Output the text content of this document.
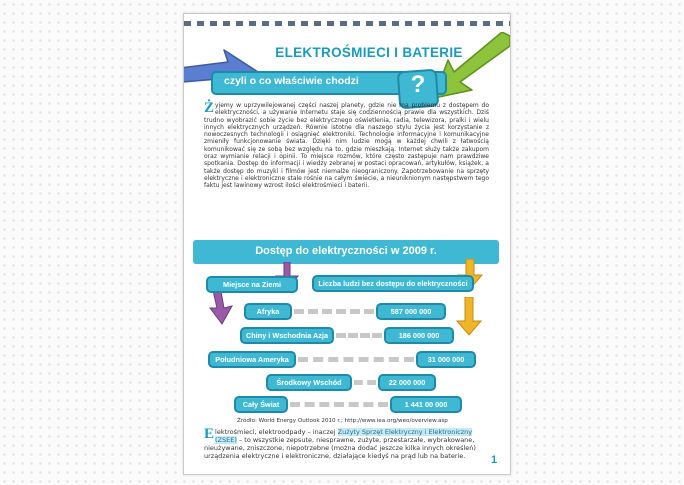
ELEKTROŚMIECI I BATERIE
czyli o co właściwie chodzi	?
Żyjemy w uprzywilejowanej części naszej planety, gdzie nie ma problemu z dostępem do elektryczności, a używanie Internetu staje się codziennością prawie dla wszystkich. Dziś trudno wyobrazić sobie życie bez elektrycznego oświetlenia, radia, telewizora, pralki i wielu innych elektrycznych urządzeń. Równie istotne dla naszego stylu życia jest korzystanie z nowoczesnych technologii i osiągnięć elektroniki. Technologie informacyjne i komunikacyjne zmieniły funkcjonowanie świata. Dzięki nim ludzie mogą w każdej chwili z łatwością komunikować się ze sobą bez względu na to, gdzie mieszkają. Internet służy także zakupom oraz wymianie relacji i opinii. To miejsce rozmów, które często zastępuje nam prawdziwe spotkania. Dostęp do informacji i wiedzy zebranej w postaci opracowań, artykułów, książek, a także dostęp do muzyki i filmów jest niemalże nieograniczony. Zapotrzebowanie na sprzęty elektryczne i elektroniczne stale rośnie na całym świecie, a nieuniknionym następstwem tego faktu jest lawinowy wzrost ilości elektrośmieci i baterii.
Dostęp do elektryczności w 2009 r.
Miejsce na Ziemi	Liczba ludzi bez dostępu do elektryczności
Afryka	587 000 000
Chiny i Wschodnia Azja	186 000 000
Południowa Ameryka	31 000 000
Środkowy Wschód	22 000 000
Cały Świat	1 441 00 000
Źródło: World Energy Outlook 2010 r.; http://www.iea.org/weo/overview.asp
Elektrośmieci, elektroodpady – inaczej Zużyty Sprzęt Elektryczny i Elektroniczny (ZSEE) – to wszystkie zepsute, niesprawne, zużyte, przestarzałe, wybrakowane, nieużywane, zniszczone, niepotrzebne (można dodać jeszcze kilka innych określeń) urządzenia elektryczne i elektroniczne, działające kiedyś na prąd lub na baterie.	1
